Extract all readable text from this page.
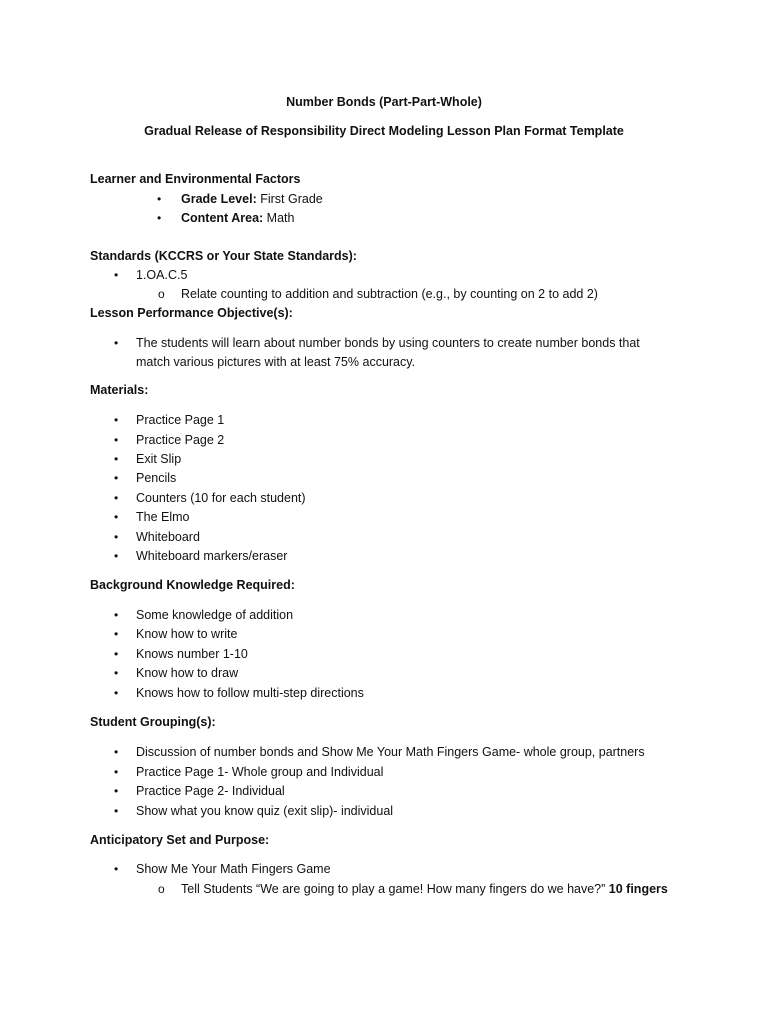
Number Bonds (Part-Part-Whole)
Gradual Release of Responsibility Direct Modeling Lesson Plan Format Template
Learner and Environmental Factors
• Grade Level: First Grade
• Content Area: Math
Standards (KCCRS or Your State Standards):
• 1.OA.C.5
o Relate counting to addition and subtraction (e.g., by counting on 2 to add 2)
Lesson Performance Objective(s):
• The students will learn about number bonds by using counters to create number bonds that
match various pictures with at least 75% accuracy.
Materials:
• Practice Page 1
• Practice Page 2
• Exit Slip
• Pencils
• Counters (10 for each student)
• The Elmo
• Whiteboard
• Whiteboard markers/eraser
Background Knowledge Required:
• Some knowledge of addition
• Know how to write
• Knows number 1-10
• Know how to draw
• Knows how to follow multi-step directions
Student Grouping(s):
• Discussion of number bonds and Show Me Your Math Fingers Game- whole group, partners
• Practice Page 1- Whole group and Individual
• Practice Page 2- Individual
• Show what you know quiz (exit slip)- individual
Anticipatory Set and Purpose:
• Show Me Your Math Fingers Game
o Tell Students “We are going to play a game! How many fingers do we have?” 10 fingers
